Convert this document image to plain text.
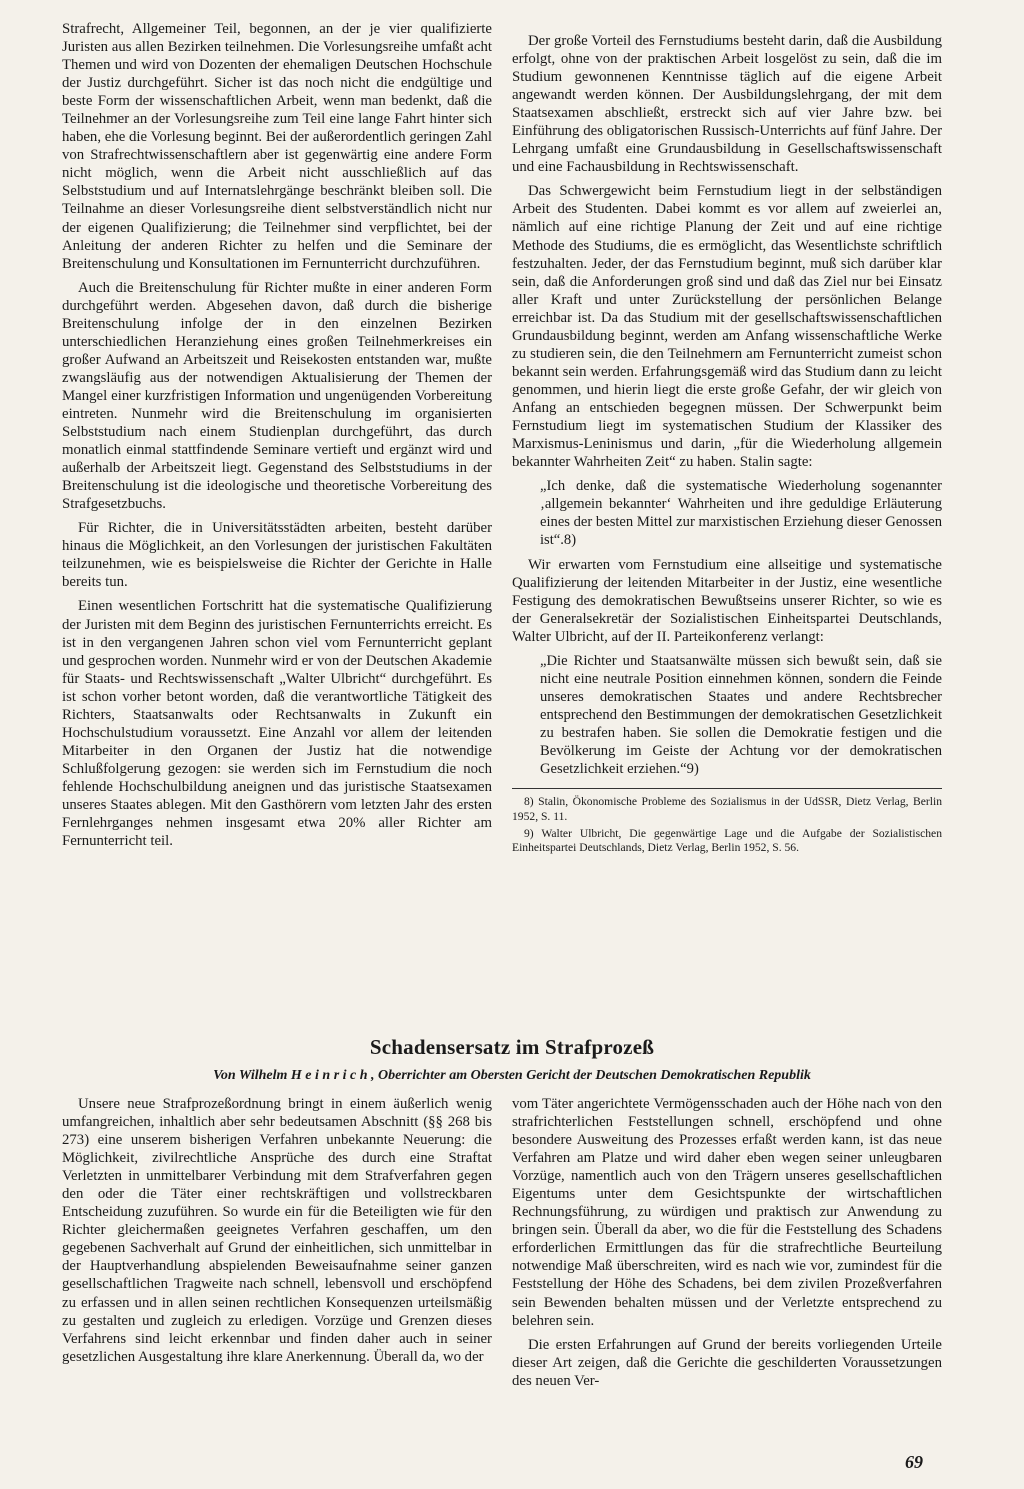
Strafrecht, Allgemeiner Teil, begonnen, an der je vier qualifizierte Juristen aus allen Bezirken teilnehmen. Die Vorlesungsreihe umfaßt acht Themen und wird von Dozenten der ehemaligen Deutschen Hochschule der Justiz durchgeführt. Sicher ist das noch nicht die endgültige und beste Form der wissenschaftlichen Arbeit, wenn man bedenkt, daß die Teilnehmer an der Vorlesungsreihe zum Teil eine lange Fahrt hinter sich haben, ehe die Vorlesung beginnt. Bei der außerordentlich geringen Zahl von Strafrechtwissenschaftlern aber ist gegenwärtig eine andere Form nicht möglich, wenn die Arbeit nicht ausschließlich auf das Selbststudium und auf Internatslehrgänge beschränkt bleiben soll. Die Teilnahme an dieser Vorlesungsreihe dient selbstverständlich nicht nur der eigenen Qualifizierung; die Teilnehmer sind verpflichtet, bei der Anleitung der anderen Richter zu helfen und die Seminare der Breitenschulung und Konsultationen im Fernunterricht durchzuführen.

Auch die Breitenschulung für Richter mußte in einer anderen Form durchgeführt werden. Abgesehen davon, daß durch die bisherige Breitenschulung infolge der in den einzelnen Bezirken unterschiedlichen Heranziehung eines großen Teilnehmerkreises ein großer Aufwand an Arbeitszeit und Reisekosten entstanden war, mußte zwangsläufig aus der notwendigen Aktualisierung der Themen der Mangel einer kurzfristigen Information und ungenügenden Vorbereitung eintreten. Nunmehr wird die Breitenschulung im organisierten Selbststudium nach einem Studienplan durchgeführt, das durch monatlich einmal stattfindende Seminare vertieft und ergänzt wird und außerhalb der Arbeitszeit liegt. Gegenstand des Selbststudiums in der Breitenschulung ist die ideologische und theoretische Vorbereitung des Strafgesetzbuchs.

Für Richter, die in Universitätsstädten arbeiten, besteht darüber hinaus die Möglichkeit, an den Vorlesungen der juristischen Fakultäten teilzunehmen, wie es beispielsweise die Richter der Gerichte in Halle bereits tun.

Einen wesentlichen Fortschritt hat die systematische Qualifizierung der Juristen mit dem Beginn des juristischen Fernunterrichts erreicht. Es ist in den vergangenen Jahren schon viel vom Fernunterricht geplant und gesprochen worden. Nunmehr wird er von der Deutschen Akademie für Staats- und Rechtswissenschaft „Walter Ulbricht“ durchgeführt. Es ist schon vorher betont worden, daß die verantwortliche Tätigkeit des Richters, Staatsanwalts oder Rechtsanwalts in Zukunft ein Hochschulstudium voraussetzt. Eine Anzahl vor allem der leitenden Mitarbeiter in den Organen der Justiz hat die notwendige Schlußfolgerung gezogen: sie werden sich im Fernstudium die noch fehlende Hochschulbildung aneignen und das juristische Staatsexamen unseres Staates ablegen. Mit den Gasthörern vom letzten Jahr des ersten Fernlehrganges nehmen insgesamt etwa 20% aller Richter am Fernunterricht teil.

Der große Vorteil des Fernstudiums besteht darin, daß die Ausbildung erfolgt, ohne von der praktischen Arbeit losgelöst zu sein, daß die im Studium gewonnenen Kenntnisse täglich auf die eigene Arbeit angewandt werden können. Der Ausbildungslehrgang, der mit dem Staatsexamen abschließt, erstreckt sich auf vier Jahre bzw. bei Einführung des obligatorischen Russisch-Unterrichts auf fünf Jahre. Der Lehrgang umfaßt eine Grundausbildung in Gesellschaftswissenschaft und eine Fachausbildung in Rechtswissenschaft.

Das Schwergewicht beim Fernstudium liegt in der selbständigen Arbeit des Studenten. Dabei kommt es vor allem auf zweierlei an, nämlich auf eine richtige Planung der Zeit und auf eine richtige Methode des Studiums, die es ermöglicht, das Wesentlichste schriftlich festzuhalten. Jeder, der das Fernstudium beginnt, muß sich darüber klar sein, daß die Anforderungen groß sind und daß das Ziel nur bei Einsatz aller Kraft und unter Zurückstellung der persönlichen Belange erreichbar ist. Da das Studium mit der gesellschaftswissenschaftlichen Grundausbildung beginnt, werden am Anfang wissenschaftliche Werke zu studieren sein, die den Teilnehmern am Fernunterricht zumeist schon bekannt sein werden. Erfahrungsgemäß wird das Studium dann zu leicht genommen, und hierin liegt die erste große Gefahr, der wir gleich von Anfang an entschieden begegnen müssen. Der Schwerpunkt beim Fernstudium liegt im systematischen Studium der Klassiker des Marxismus-Leninismus und darin, „für die Wiederholung allgemein bekannter Wahrheiten Zeit“ zu haben. Stalin sagte:

„Ich denke, daß die systematische Wiederholung sogenannter ‚allgemein bekannter‘ Wahrheiten und ihre geduldige Erläuterung eines der besten Mittel zur marxistischen Erziehung dieser Genossen ist“.8)

Wir erwarten vom Fernstudium eine allseitige und systematische Qualifizierung der leitenden Mitarbeiter in der Justiz, eine wesentliche Festigung des demokratischen Bewußtseins unserer Richter, so wie es der Generalsekretär der Sozialistischen Einheitspartei Deutschlands, Walter Ulbricht, auf der II. Parteikonferenz verlangt:

„Die Richter und Staatsanwälte müssen sich bewußt sein, daß sie nicht eine neutrale Position einnehmen können, sondern die Feinde unseres demokratischen Staates und andere Rechtsbrecher entsprechend den Bestimmungen der demokratischen Gesetzlichkeit zu bestrafen haben. Sie sollen die Demokratie festigen und die Bevölkerung im Geiste der Achtung vor der demokratischen Gesetzlichkeit erziehen.“9)

8) Stalin, Ökonomische Probleme des Sozialismus in der UdSSR, Dietz Verlag, Berlin 1952, S. 11.

9) Walter Ulbricht, Die gegenwärtige Lage und die Aufgabe der Sozialistischen Einheitspartei Deutschlands, Dietz Verlag, Berlin 1952, S. 56.

Schadensersatz im Strafprozeß
Von Wilhelm H e i n r i c h , Oberrichter am Obersten Gericht der Deutschen Demokratischen Republik

Unsere neue Strafprozeßordnung bringt in einem äußerlich wenig umfangreichen, inhaltlich aber sehr bedeutsamen Abschnitt (§§ 268 bis 273) eine unserem bisherigen Verfahren unbekannte Neuerung: die Möglichkeit, zivilrechtliche Ansprüche des durch eine Straftat Verletzten in unmittelbarer Verbindung mit dem Strafverfahren gegen den oder die Täter einer rechtskräftigen und vollstreckbaren Entscheidung zuzuführen. So wurde ein für die Beteiligten wie für den Richter gleichermaßen geeignetes Verfahren geschaffen, um den gegebenen Sachverhalt auf Grund der einheitlichen, sich unmittelbar in der Hauptverhandlung abspielenden Beweisaufnahme seiner ganzen gesellschaftlichen Tragweite nach schnell, lebensvoll und erschöpfend zu erfassen und in allen seinen rechtlichen Konsequenzen urteilsmäßig zu gestalten und zugleich zu erledigen. Vorzüge und Grenzen dieses Verfahrens sind leicht erkennbar und finden daher auch in seiner gesetzlichen Ausgestaltung ihre klare Anerkennung. Überall da, wo der

vom Täter angerichtete Vermögensschaden auch der Höhe nach von den strafrichterlichen Feststellungen schnell, erschöpfend und ohne besondere Ausweitung des Prozesses erfaßt werden kann, ist das neue Verfahren am Platze und wird daher eben wegen seiner unleugbaren Vorzüge, namentlich auch von den Trägern unseres gesellschaftlichen Eigentums unter dem Gesichtspunkte der wirtschaftlichen Rechnungsführung, zu würdigen und praktisch zur Anwendung zu bringen sein. Überall da aber, wo die für die Feststellung des Schadens erforderlichen Ermittlungen das für die strafrechtliche Beurteilung notwendige Maß überschreiten, wird es nach wie vor, zumindest für die Feststellung der Höhe des Schadens, bei dem zivilen Prozeßverfahren sein Bewenden behalten müssen und der Verletzte entsprechend zu belehren sein.

Die ersten Erfahrungen auf Grund der bereits vorliegenden Urteile dieser Art zeigen, daß die Gerichte die geschilderten Voraussetzungen des neuen Ver-

69
